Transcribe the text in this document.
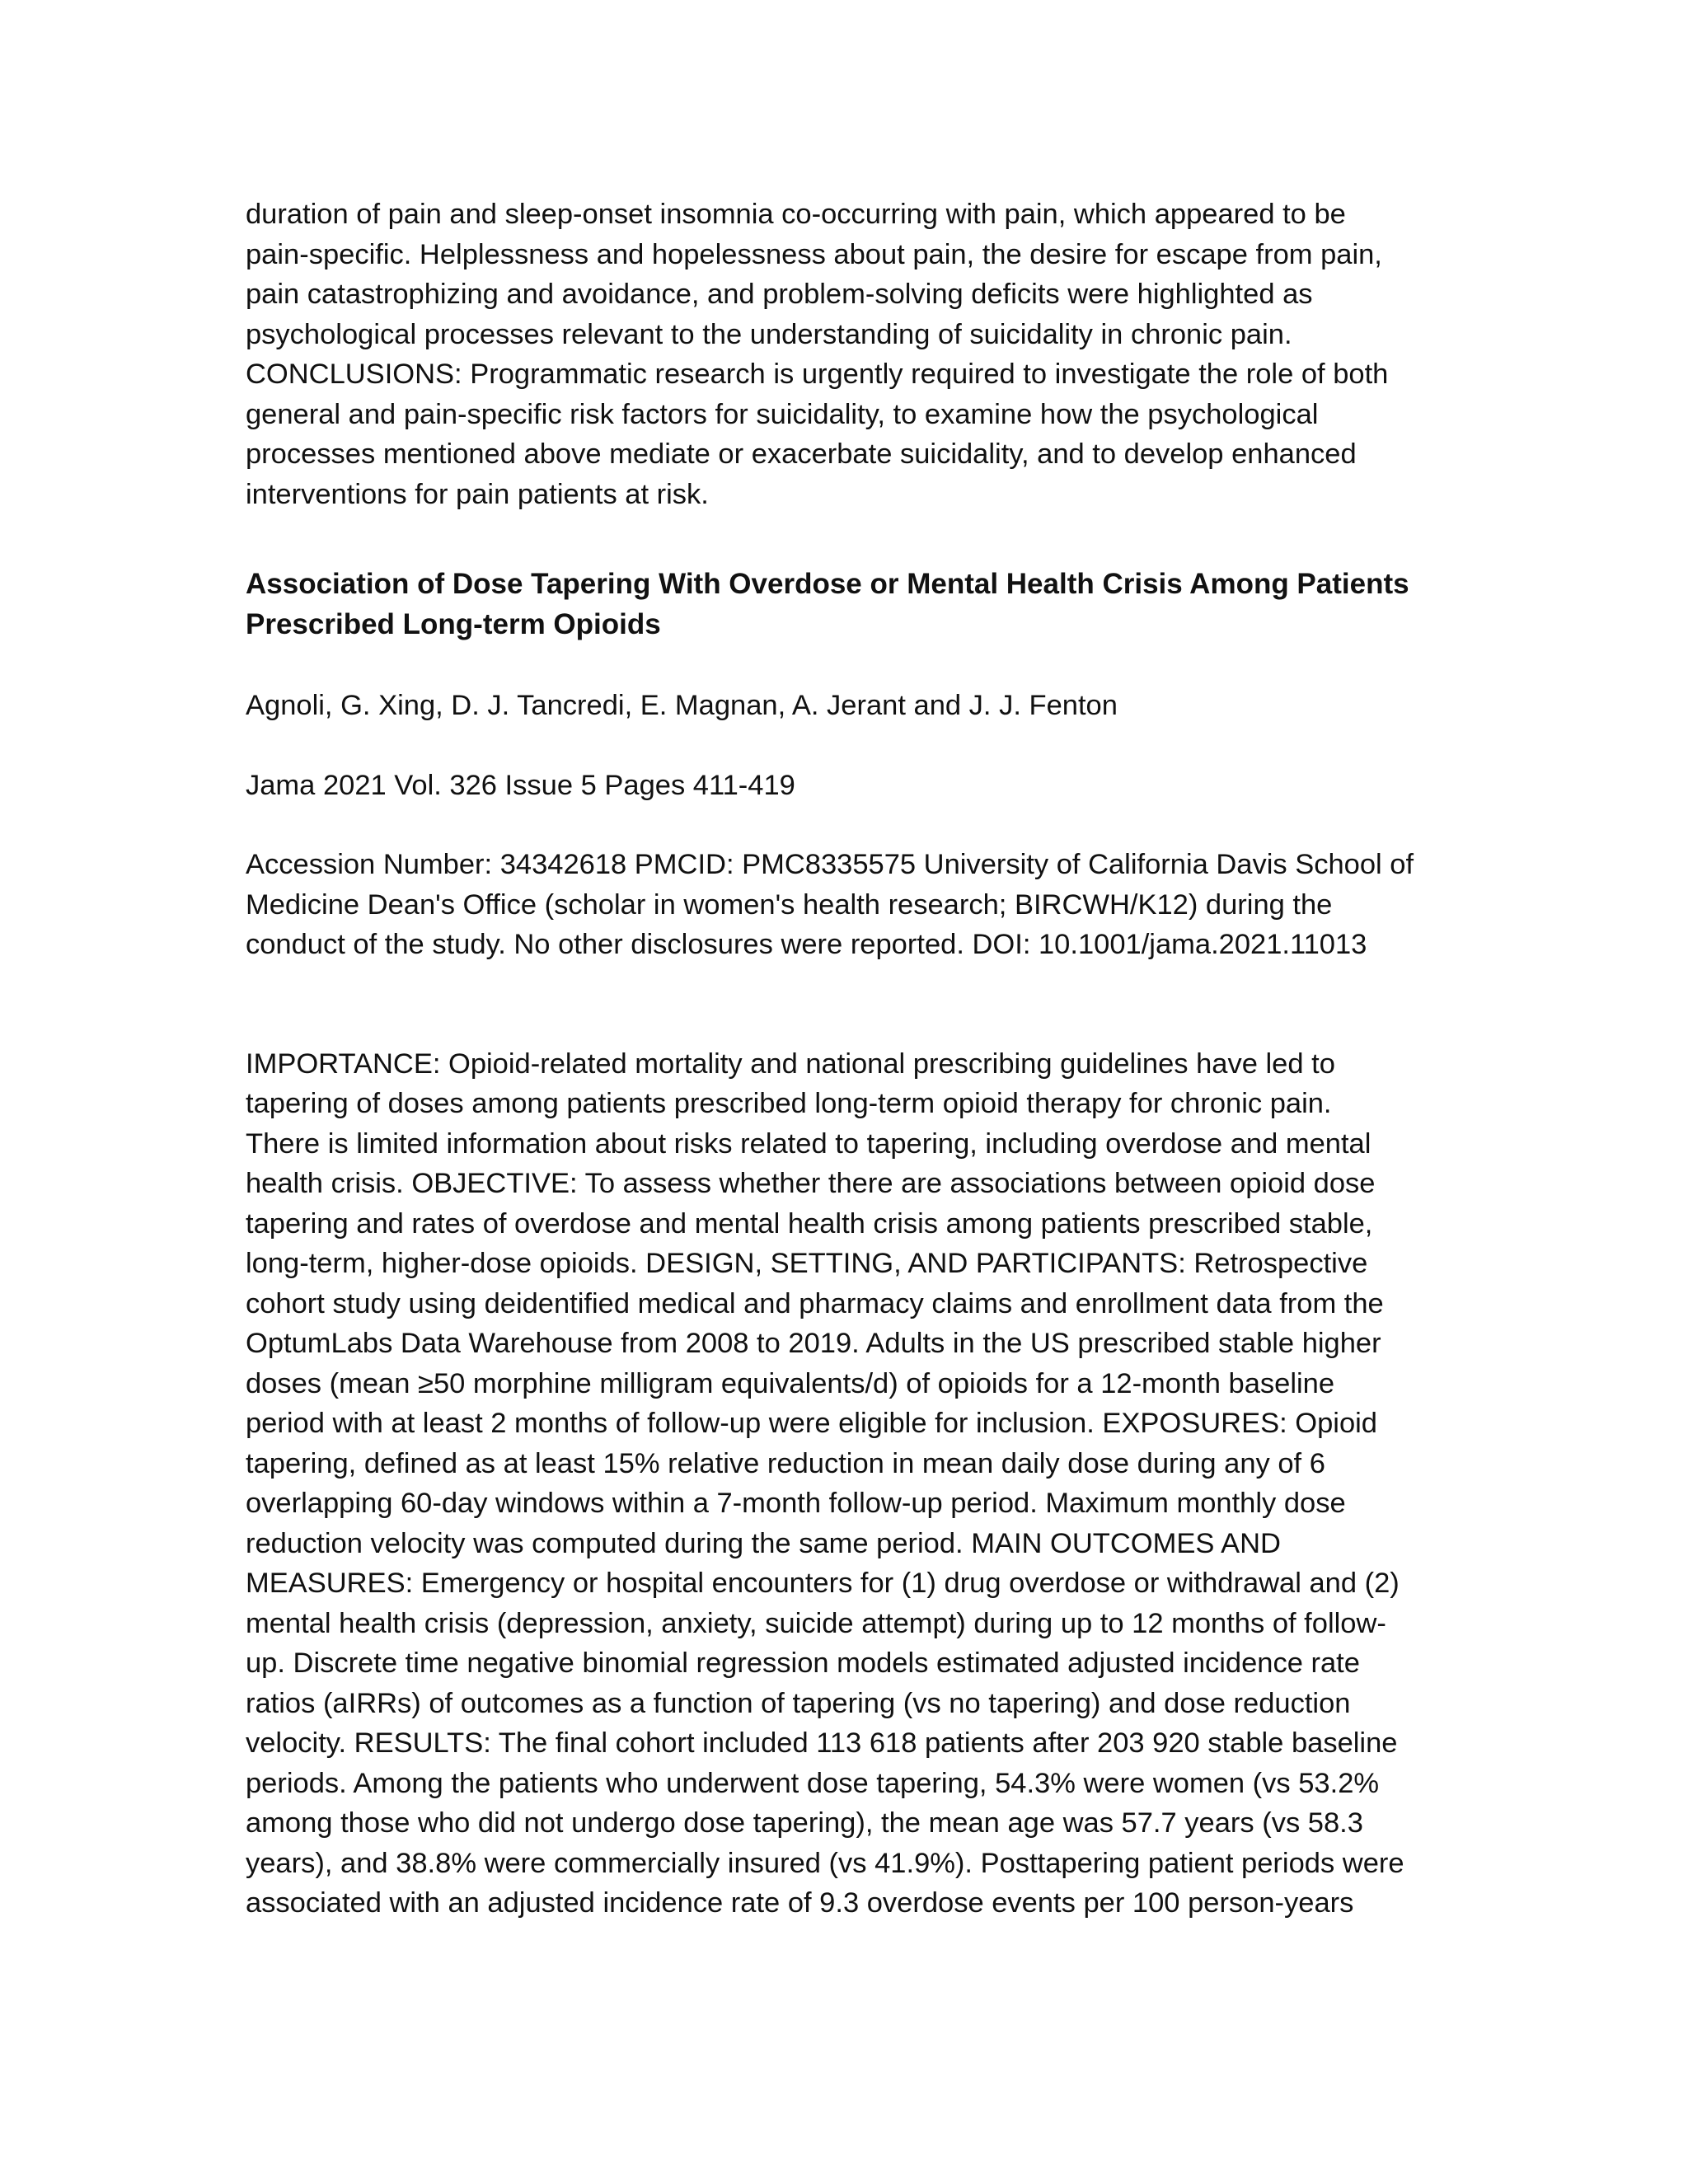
duration of pain and sleep-onset insomnia co-occurring with pain, which appeared to be
pain-specific. Helplessness and hopelessness about pain, the desire for escape from pain,
pain catastrophizing and avoidance, and problem-solving deficits were highlighted as
psychological processes relevant to the understanding of suicidality in chronic pain.
CONCLUSIONS: Programmatic research is urgently required to investigate the role of both
general and pain-specific risk factors for suicidality, to examine how the psychological
processes mentioned above mediate or exacerbate suicidality, and to develop enhanced
interventions for pain patients at risk.
Association of Dose Tapering With Overdose or Mental Health Crisis Among Patients
Prescribed Long-term Opioids

Agnoli, G. Xing, D. J. Tancredi, E. Magnan, A. Jerant and J. J. Fenton

Jama 2021 Vol. 326 Issue 5 Pages 411-419

Accession Number: 34342618 PMCID: PMC8335575 University of California Davis School of
Medicine Dean's Office (scholar in women's health research; BIRCWH/K12) during the
conduct of the study. No other disclosures were reported. DOI: 10.1001/jama.2021.11013
IMPORTANCE: Opioid-related mortality and national prescribing guidelines have led to
tapering of doses among patients prescribed long-term opioid therapy for chronic pain.
There is limited information about risks related to tapering, including overdose and mental
health crisis. OBJECTIVE: To assess whether there are associations between opioid dose
tapering and rates of overdose and mental health crisis among patients prescribed stable,
long-term, higher-dose opioids. DESIGN, SETTING, AND PARTICIPANTS: Retrospective
cohort study using deidentified medical and pharmacy claims and enrollment data from the
OptumLabs Data Warehouse from 2008 to 2019. Adults in the US prescribed stable higher
doses (mean ≥50 morphine milligram equivalents/d) of opioids for a 12-month baseline
period with at least 2 months of follow-up were eligible for inclusion. EXPOSURES: Opioid
tapering, defined as at least 15% relative reduction in mean daily dose during any of 6
overlapping 60-day windows within a 7-month follow-up period. Maximum monthly dose
reduction velocity was computed during the same period. MAIN OUTCOMES AND
MEASURES: Emergency or hospital encounters for (1) drug overdose or withdrawal and (2)
mental health crisis (depression, anxiety, suicide attempt) during up to 12 months of follow-
up. Discrete time negative binomial regression models estimated adjusted incidence rate
ratios (aIRRs) of outcomes as a function of tapering (vs no tapering) and dose reduction
velocity. RESULTS: The final cohort included 113 618 patients after 203 920 stable baseline
periods. Among the patients who underwent dose tapering, 54.3% were women (vs 53.2%
among those who did not undergo dose tapering), the mean age was 57.7 years (vs 58.3
years), and 38.8% were commercially insured (vs 41.9%). Posttapering patient periods were
associated with an adjusted incidence rate of 9.3 overdose events per 100 person-years
